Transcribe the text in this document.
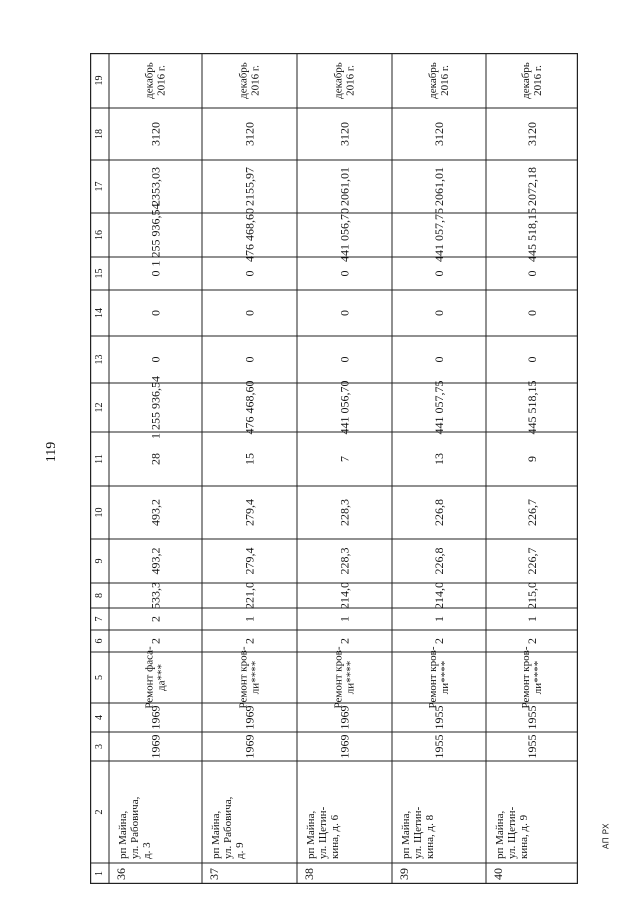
119
АП РХ
1
2
3
4
5
6
7
8
9
10
11
12
13
14
15
16
17
18
19
36
рп Майна, ул. Рабовича, д. 3
1969
1969
Ремонт фаса- да***
2
2
533,3
493,2
493,2
28
1 255 936,54
0
0
0
1 255 936,54
2353,03
3120
декабрь 2016 г.
37
рп Майна, ул. Рабовича, д. 9
1969
1969
Ремонт кров- ли****
2
1
221,0
279,4
279,4
15
476 468,60
0
0
0
476 468,60
2155,97
3120
декабрь 2016 г.
38
рп Майна, ул. Щетин- кина, д. 6
1969
1969
Ремонт кров- ли****
2
1
214,0
228,3
228,3
7
441 056,70
0
0
0
441 056,70
2061,01
3120
декабрь 2016 г.
39
рп Майна, ул. Щетин- кина, д. 8
1955
1955
Ремонт кров- ли****
2
1
214,0
226,8
226,8
13
441 057,75
0
0
0
441 057,75
2061,01
3120
декабрь 2016 г.
40
рп Майна, ул. Щетин- кина, д. 9
1955
1955
Ремонт кров- ли****
2
1
215,0
226,7
226,7
9
445 518,15
0
0
0
445 518,15
2072,18
3120
декабрь 2016 г.
